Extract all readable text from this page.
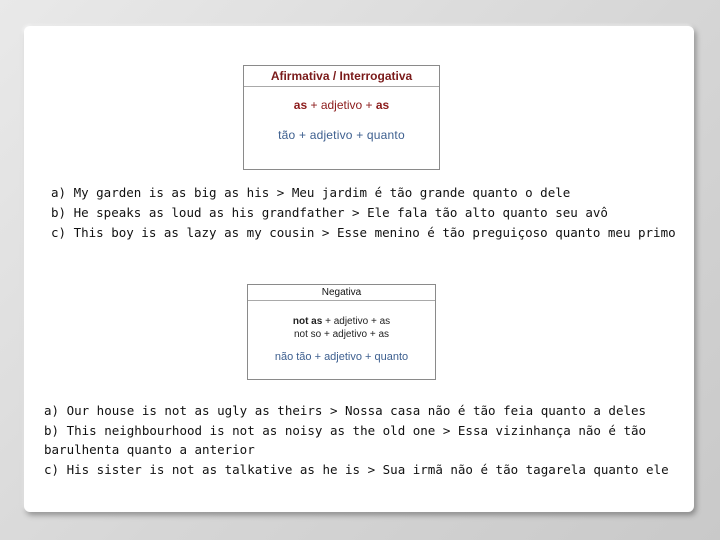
Afirmativa / Interrogativa
as + adjetivo + as
tão + adjetivo + quanto
a) My garden is as big as his > Meu jardim é tão grande quanto o dele
b) He speaks as loud as his grandfather > Ele fala tão alto quanto seu avô
c) This boy is as lazy as my cousin > Esse menino é tão preguiçoso quanto meu primo
Negativa
not as + adjetivo + as
not so + adjetivo + as
não tão + adjetivo + quanto
a) Our house is not as ugly as theirs > Nossa casa não é tão feia quanto a deles
b) This neighbourhood is not as noisy as the old one > Essa vizinhança não é tão
barulhenta quanto a anterior
c) His sister is not as talkative as he is > Sua irmã não é tão tagarela quanto ele
